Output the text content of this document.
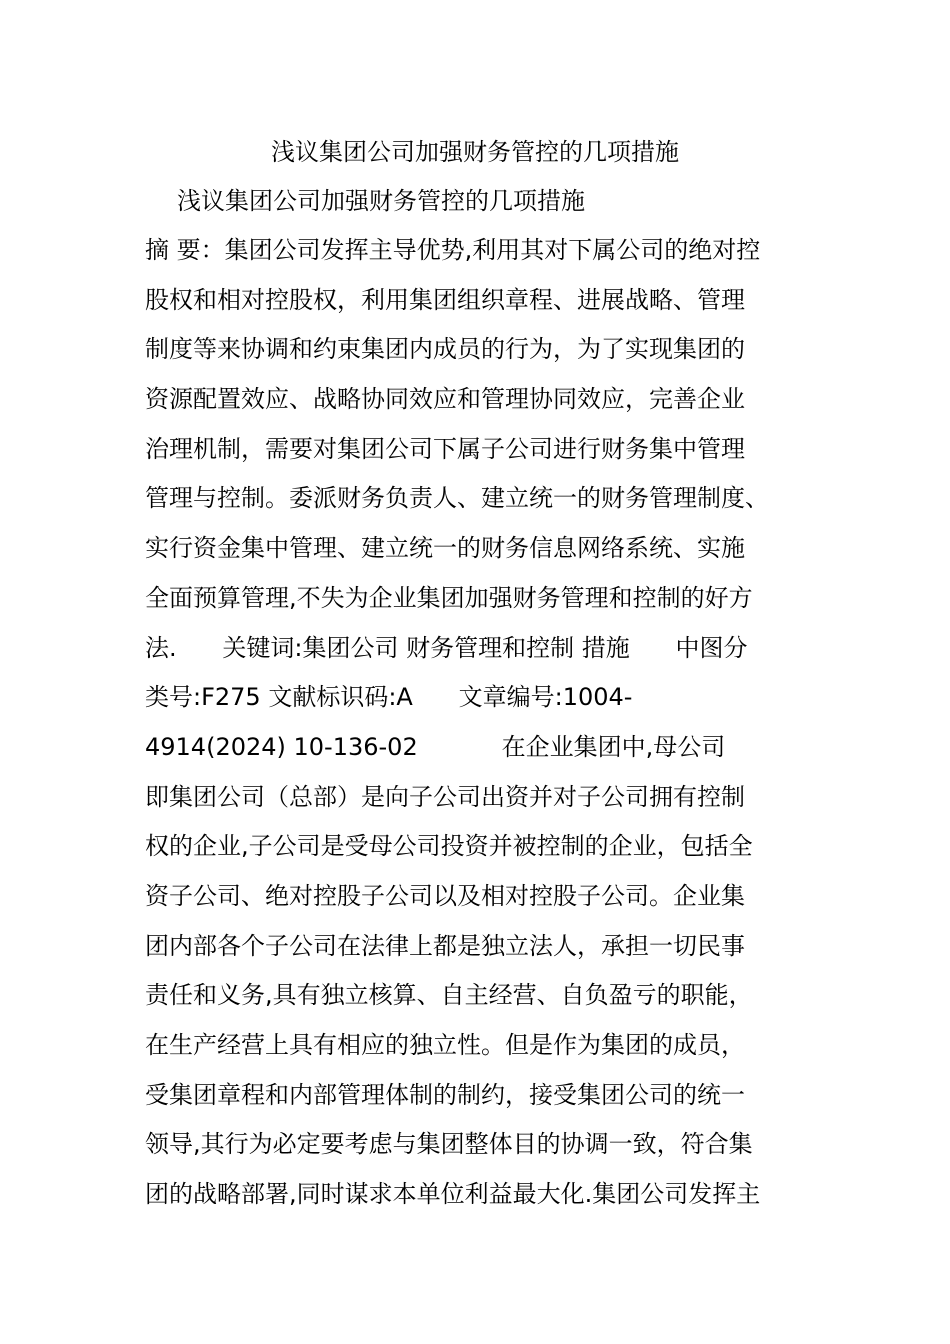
浅议集团公司加强财务管控的几项措施
浅议集团公司加强财务管控的几项措施
摘 要：集团公司发挥主导优势,利用其对下属公司的绝对控
股权和相对控股权，利用集团组织章程、进展战略、管理
制度等来协调和约束集团内成员的行为，为了实现集团的
资源配置效应、战略协同效应和管理协同效应，完善企业
治理机制，需要对集团公司下属子公司进行财务集中管理
管理与控制。委派财务负责人、建立统一的财务管理制度、
实行资金集中管理、建立统一的财务信息网络系统、实施
全面预算管理,不失为企业集团加强财务管理和控制的好方
法.      关键词:集团公司 财务管理和控制 措施      中图分
类号:F275 文献标识码:A      文章编号:1004-
4914(2024) 10-136-02           在企业集团中,母公司
即集团公司（总部）是向子公司出资并对子公司拥有控制
权的企业,子公司是受母公司投资并被控制的企业，包括全
资子公司、绝对控股子公司以及相对控股子公司。企业集
团内部各个子公司在法律上都是独立法人，承担一切民事
责任和义务,具有独立核算、自主经营、自负盈亏的职能，
在生产经营上具有相应的独立性。但是作为集团的成员，
受集团章程和内部管理体制的制约，接受集团公司的统一
领导,其行为必定要考虑与集团整体目的协调一致，符合集
团的战略部署,同时谋求本单位利益最大化.集团公司发挥主
